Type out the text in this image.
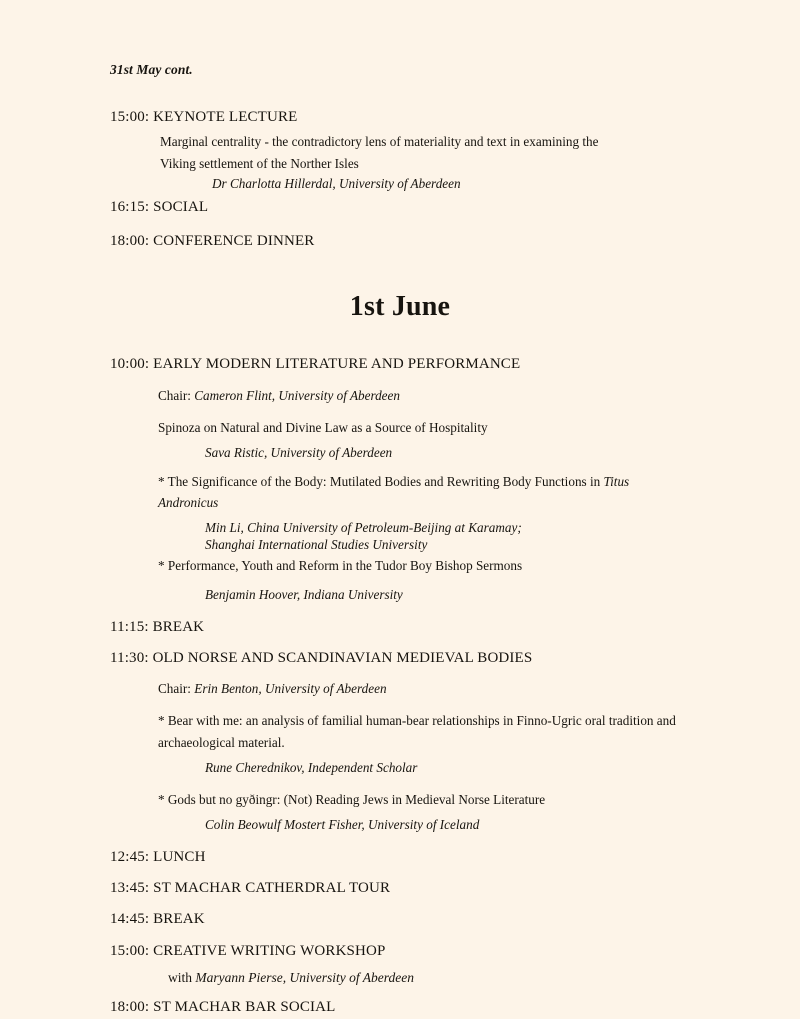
31st May cont.
15:00: KEYNOTE LECTURE
Marginal centrality - the contradictory lens of materiality and text in examining the
Viking settlement of the Norther Isles
Dr Charlotta Hillerdal, University of Aberdeen
16:15: SOCIAL
18:00: CONFERENCE DINNER
1st June
10:00: EARLY MODERN LITERATURE AND PERFORMANCE
Chair: Cameron Flint, University of Aberdeen
Spinoza on Natural and Divine Law as a Source of Hospitality
Sava Ristic, University of Aberdeen
* The Significance of the Body: Mutilated Bodies and Rewriting Body Functions in Titus Andronicus
Min Li, China University of Petroleum-Beijing at Karamay;
Shanghai International Studies University
* Performance, Youth and Reform in the Tudor Boy Bishop Sermons
Benjamin Hoover, Indiana University
11:15: BREAK
11:30: OLD NORSE AND SCANDINAVIAN MEDIEVAL BODIES
Chair: Erin Benton, University of Aberdeen
* Bear with me: an analysis of familial human-bear relationships in Finno-Ugric oral tradition and archaeological material.
Rune Cherednikov, Independent Scholar
* Gods but no gyðingr: (Not) Reading Jews in Medieval Norse Literature
Colin Beowulf Mostert Fisher, University of Iceland
12:45: LUNCH
13:45: ST MACHAR CATHERDRAL TOUR
14:45: BREAK
15:00: CREATIVE WRITING WORKSHOP
with Maryann Pierse, University of Aberdeen
18:00: ST MACHAR BAR SOCIAL
